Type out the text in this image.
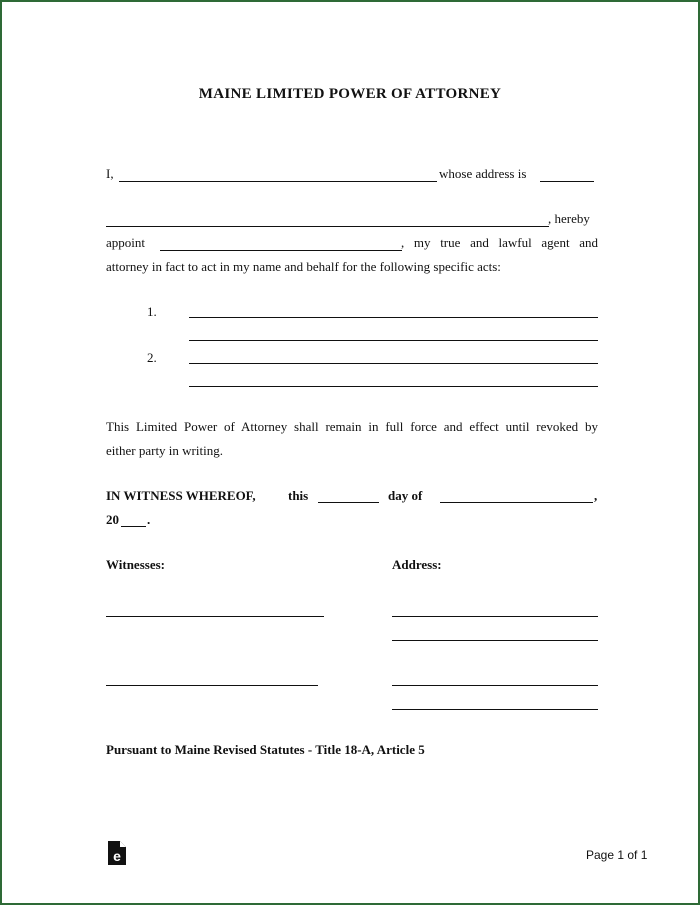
MAINE LIMITED POWER OF ATTORNEY
I,	whose address is
, hereby
appoint	, my true and lawful agent and
attorney in fact to act in my name and behalf for the following specific acts:
1.
2.
This Limited Power of Attorney shall remain in full force and effect until revoked by
either party in writing.
IN WITNESS WHEREOF, this	day of	,
20 .
Witnesses:	Address:
Pursuant to Maine Revised Statutes - Title 18-A, Article 5
e	Page 1 of 1
